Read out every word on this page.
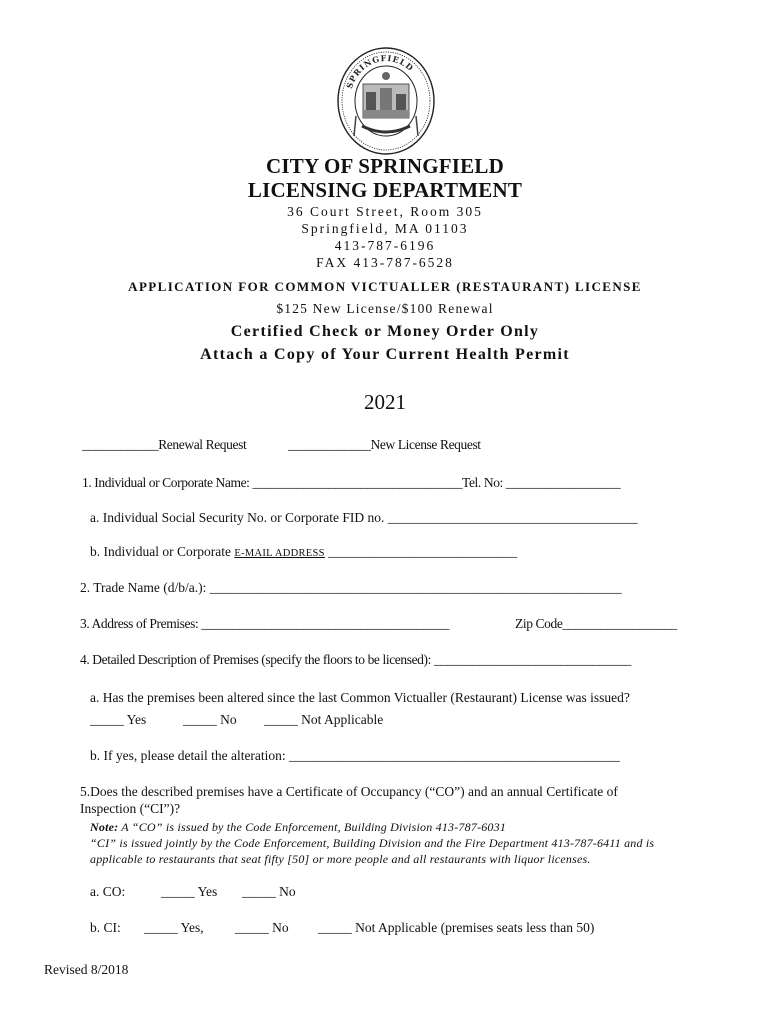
SPRINGFIELD
CITY OF SPRINGFIELD
LICENSING DEPARTMENT
36 Court Street, Room 305
Springfield, MA 01103
413-787-6196
FAX 413-787-6528
APPLICATION FOR COMMON VICTUALLER (RESTAURANT) LICENSE
$125 New License/$100 Renewal
Certified Check or Money Order Only
Attach a Copy of Your Current Health Permit
2021
____________Renewal Request	_____________New License Request
1. Individual or Corporate Name: _________________________________Tel. No: __________________
a. Individual Social Security No. or Corporate FID no. _____________________________________
b. Individual or Corporate E-MAIL ADDRESS ____________________________
2. Trade Name (d/b/a.): _____________________________________________________________
3. Address of Premises: _______________________________________	Zip Code__________________
4. Detailed Description of Premises (specify the floors to be licensed): _______________________________
a. Has the premises been altered since the last Common Victualler (Restaurant) License was issued?
_____ Yes	_____ No _____ Not Applicable
b. If yes, please detail the alteration: _________________________________________________
5.Does the described premises have a Certificate of Occupancy (“CO”) and an annual Certificate of
Inspection (“CI”)?
Note: A “CO” is issued by the Code Enforcement, Building Division 413-787-6031
“CI” is issued jointly by the Code Enforcement, Building Division and the Fire Department 413-787-6411 and is
applicable to restaurants that seat fifty [50] or more people and all restaurants with liquor licenses.
a. CO:	_____ Yes _____ No
b. CI: _____ Yes, _____ No _____ Not Applicable (premises seats less than 50)
Revised 8/2018
